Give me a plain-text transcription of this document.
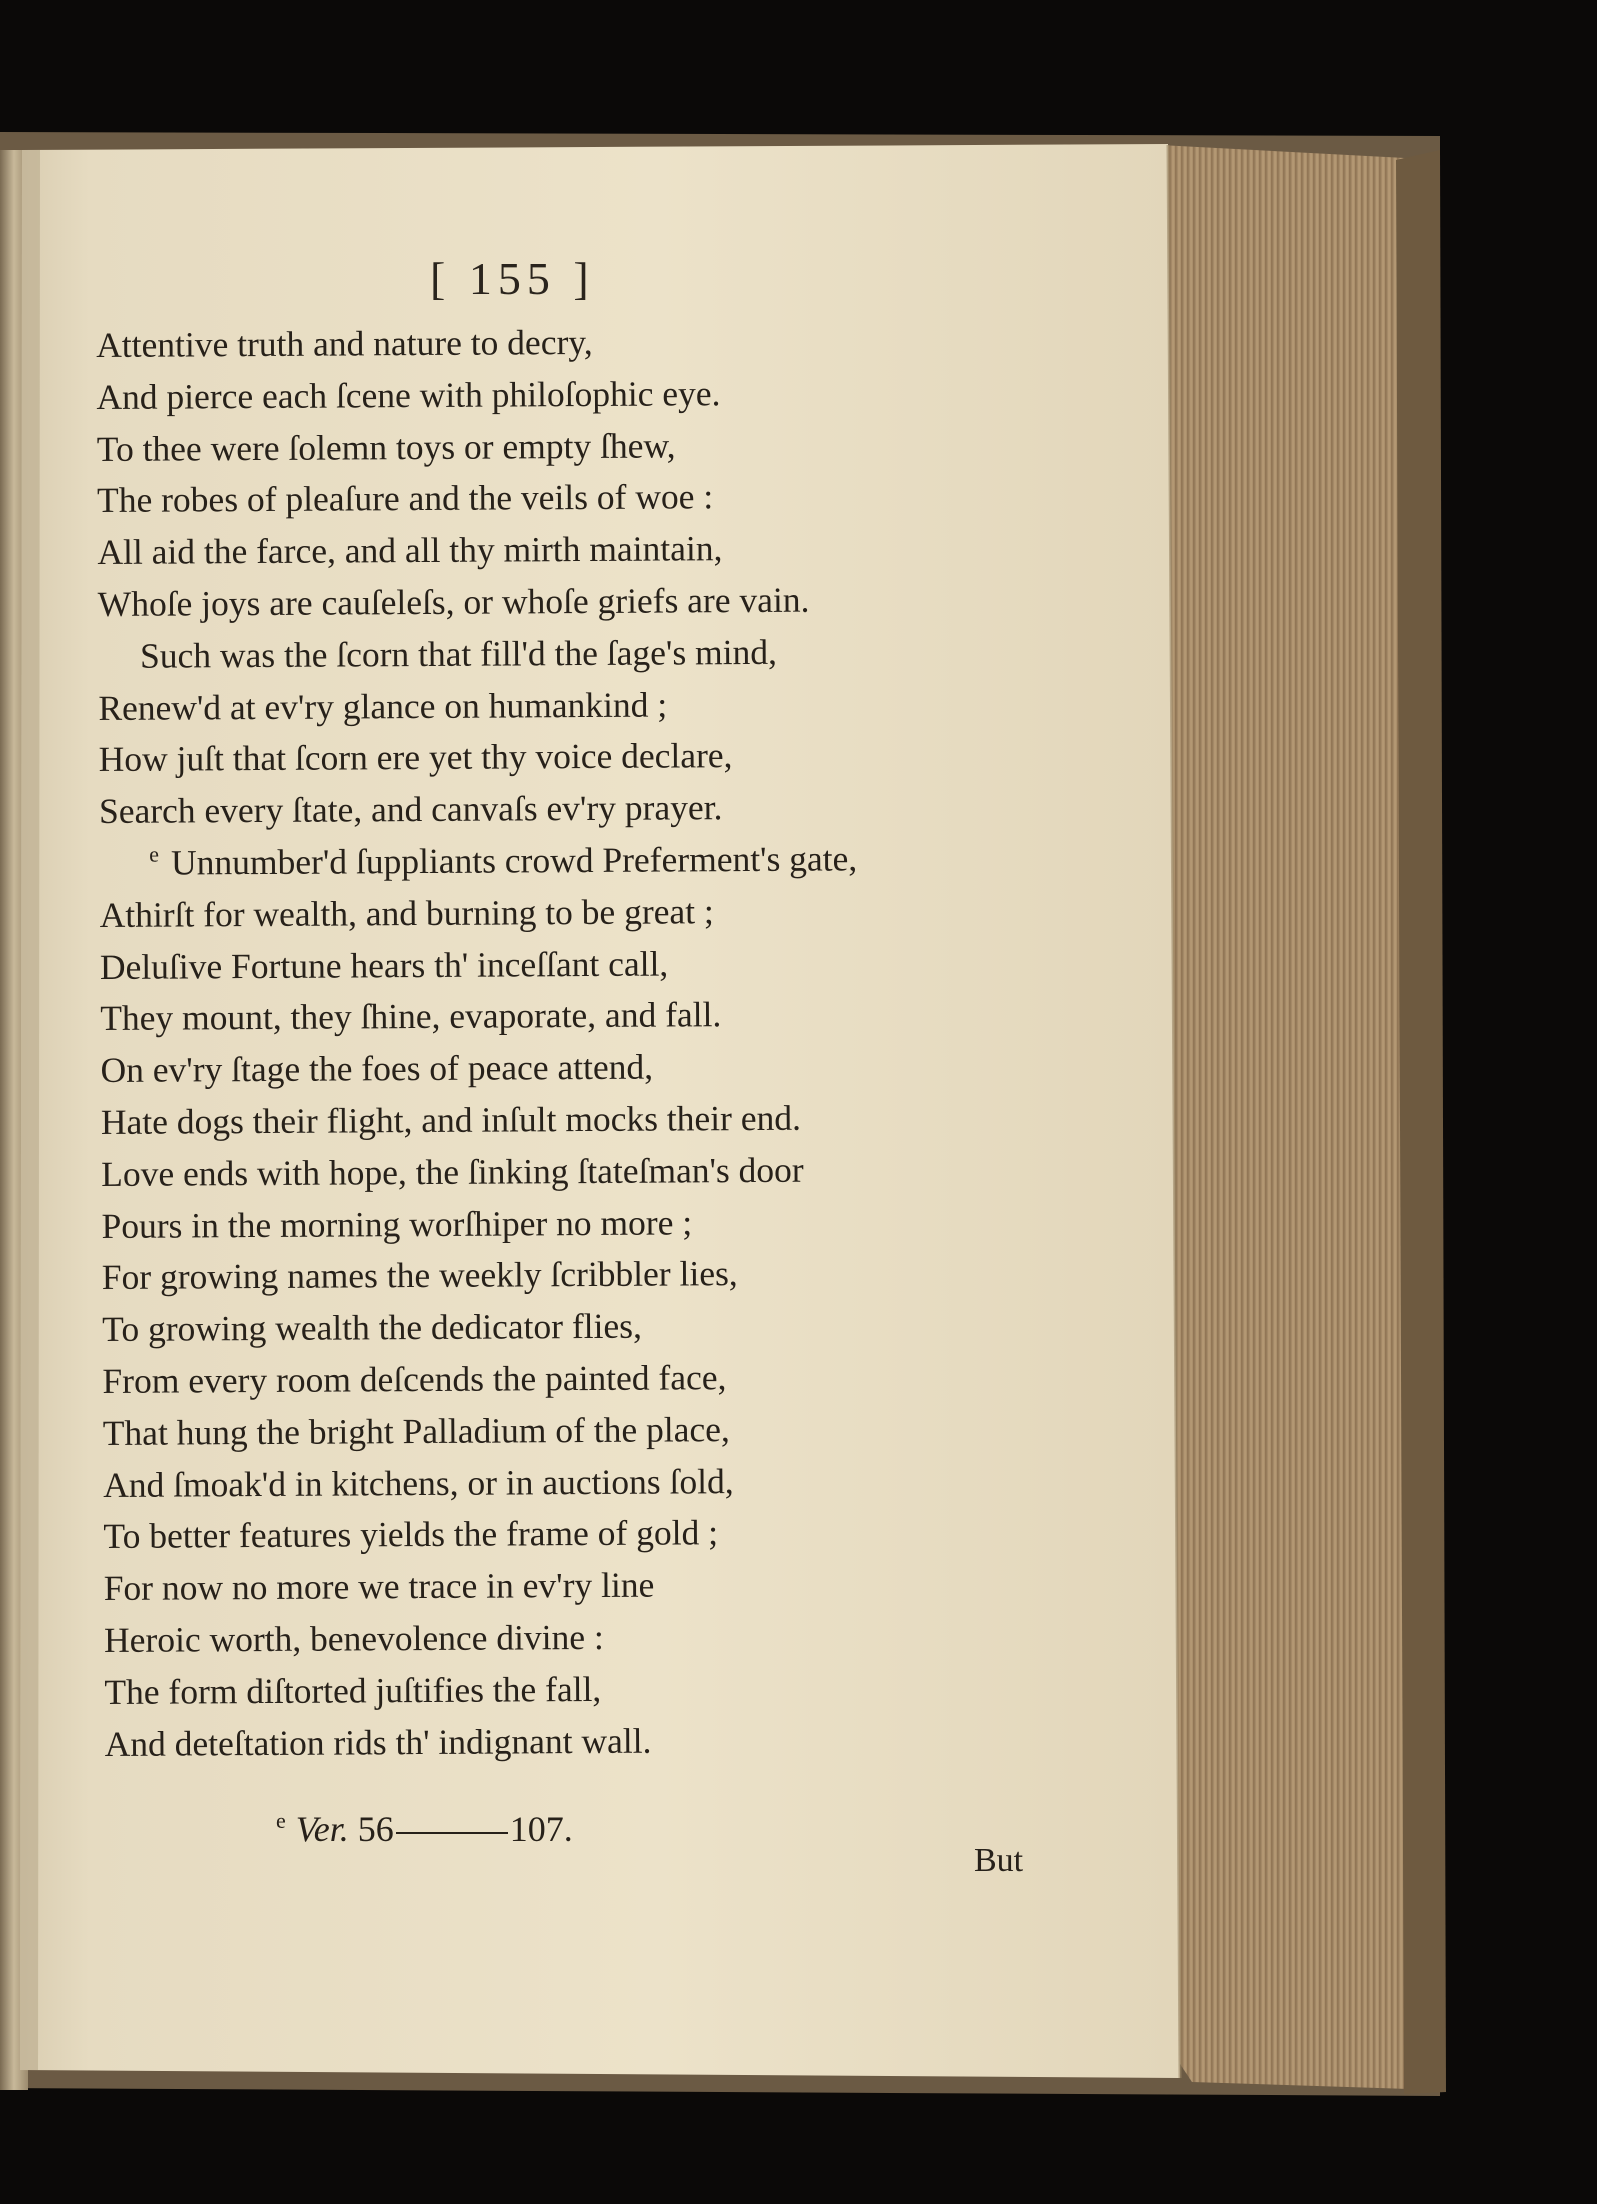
[ 155 ]
Attentive truth and nature to decry,
And pierce each ſcene with philoſophic eye.
To thee were ſolemn toys or empty ſhew,
The robes of pleaſure and the veils of woe :
All aid the farce, and all thy mirth maintain,
Whoſe joys are cauſeleſs, or whoſe griefs are vain.
Such was the ſcorn that fill'd the ſage's mind,
Renew'd at ev'ry glance on humankind ;
How juſt that ſcorn ere yet thy voice declare,
Search every ſtate, and canvaſs ev'ry prayer.
e Unnumber'd ſuppliants crowd Preferment's gate,
Athirſt for wealth, and burning to be great ;
Deluſive Fortune hears th' inceſſant call,
They mount, they ſhine, evaporate, and fall.
On ev'ry ſtage the foes of peace attend,
Hate dogs their flight, and inſult mocks their end.
Love ends with hope, the ſinking ſtateſman's door
Pours in the morning worſhiper no more ;
For growing names the weekly ſcribbler lies,
To growing wealth the dedicator flies,
From every room deſcends the painted face,
That hung the bright Palladium of the place,
And ſmoak'd in kitchens, or in auctions ſold,
To better features yields the frame of gold ;
For now no more we trace in ev'ry line
Heroic worth, benevolence divine :
The form diſtorted juſtifies the fall,
And deteſtation rids th' indignant wall.
$^e$ Ver. 56	107.
But
